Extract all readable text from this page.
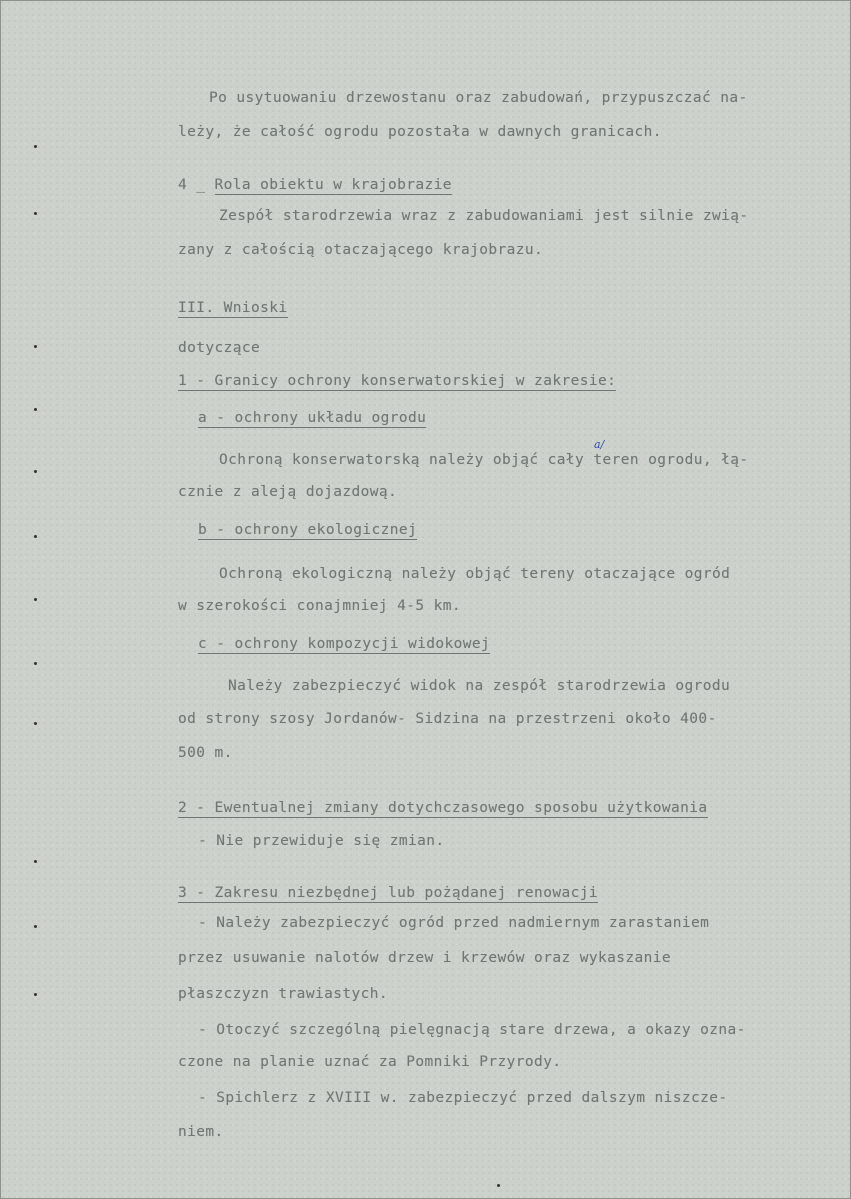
Po usytuowaniu drzewostanu oraz zabudowań, przypuszczać na-
leży, że całość ogrodu pozostała w dawnych granicach.
4 _ Rola obiektu w krajobrazie
Zespół starodrzewia wraz z zabudowaniami jest silnie zwią-
zany z całością otaczającego krajobrazu.
III. Wnioski
dotyczące
1 - Granicy ochrony konserwatorskiej w zakresie:
a - ochrony układu ogrodu
Ochroną konserwatorską należy objąć cały teren ogrodu, łą-
a/
cznie z aleją dojazdową.
b - ochrony ekologicznej
Ochroną ekologiczną należy objąć tereny otaczające ogród
w szerokości conajmniej 4-5 km.
c - ochrony kompozycji widokowej
Należy zabezpieczyć widok na zespół starodrzewia ogrodu
od strony szosy Jordanów- Sidzina na przestrzeni około 400-
500 m.
2 - Ewentualnej zmiany dotychczasowego sposobu użytkowania
- Nie przewiduje się zmian.
3 - Zakresu niezbędnej lub pożądanej renowacji
- Należy zabezpieczyć ogród przed nadmiernym zarastaniem
przez usuwanie nalotów drzew i krzewów oraz wykaszanie
płaszczyzn trawiastych.
- Otoczyć szczególną pielęgnacją stare drzewa, a okazy ozna-
czone na planie uznać za Pomniki Przyrody.
- Spichlerz z XVIII w. zabezpieczyć przed dalszym niszcze-
niem.
